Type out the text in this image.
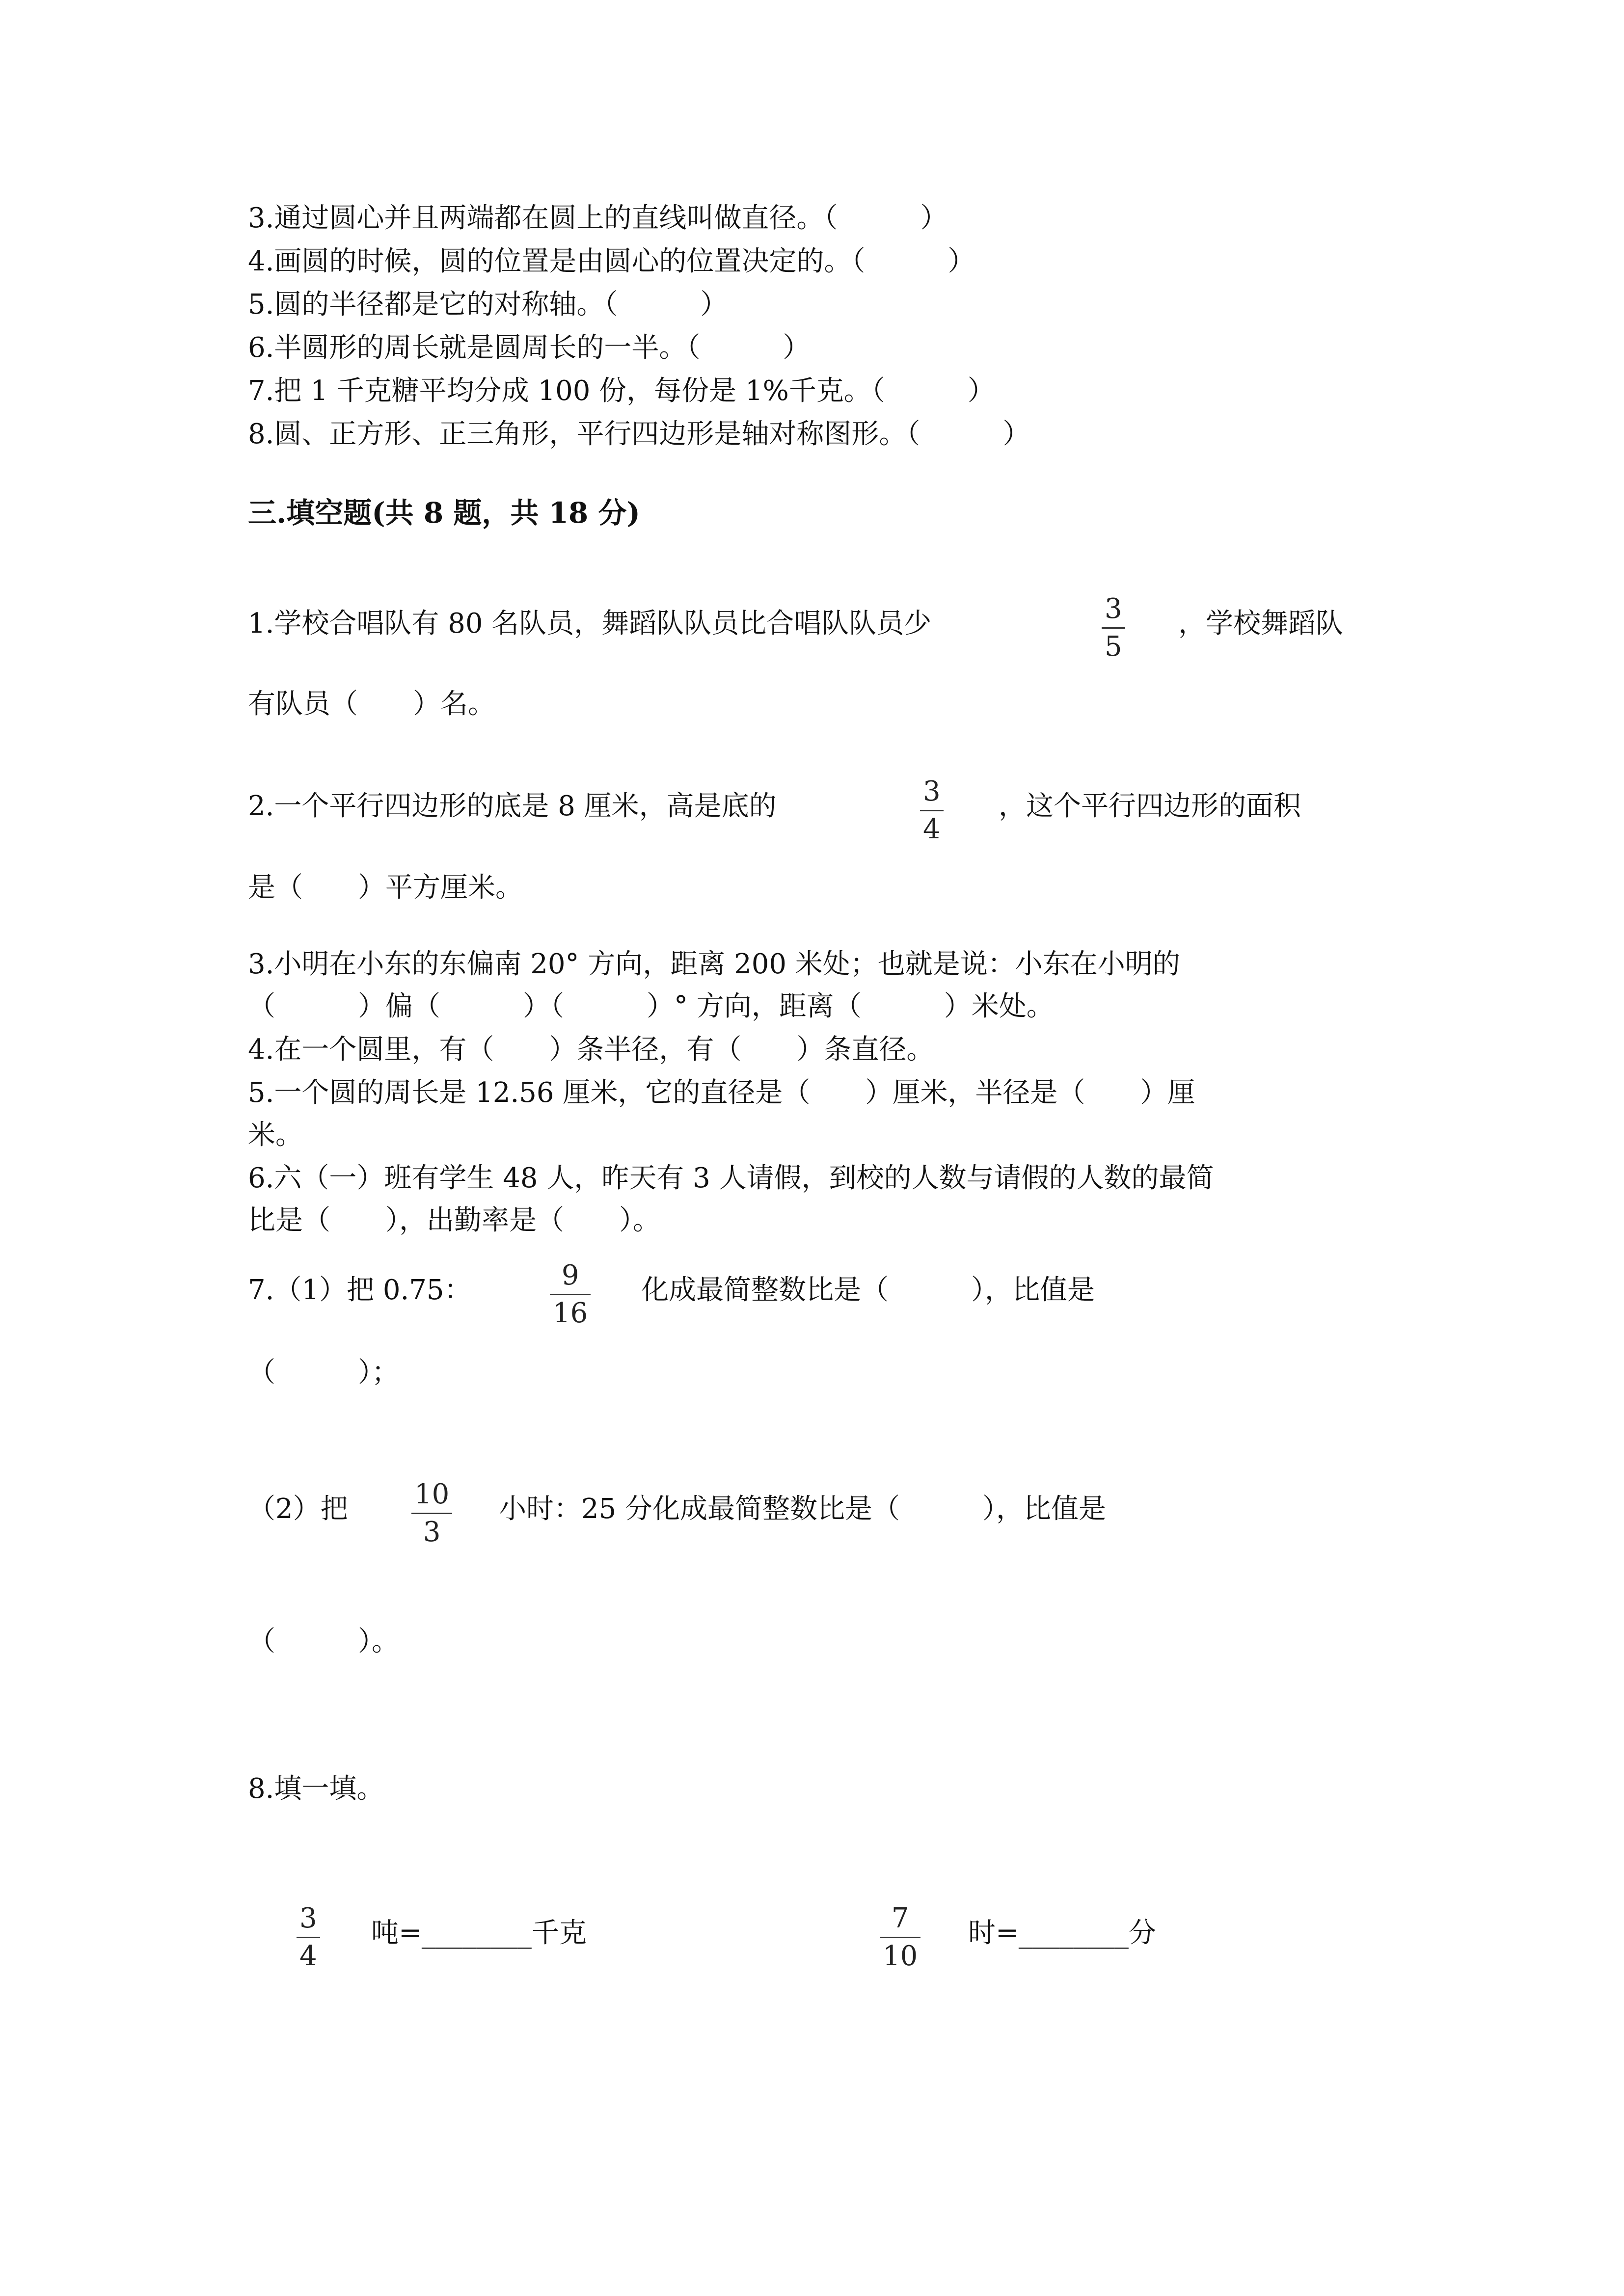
3.通过圆心并且两端都在圆上的直线叫做直径。（　　　）
4.画圆的时候，圆的位置是由圆心的位置决定的。（　　　）
5.圆的半径都是它的对称轴。（　　　）
6.半圆形的周长就是圆周长的一半。（　　　）
7.把 1 千克糖平均分成 100 份，每份是 1%千克。（　　　）
8.圆、正方形、正三角形，平行四边形是轴对称图形。（　　　）
三.填空题(共 8 题，共 18 分)
1.学校合唱队有 80 名队员，舞蹈队队员比合唱队队员少	3
5
，学校舞蹈队
有队员（　　）名。
2.一个平行四边形的底是 8 厘米，高是底的	3
4
，这个平行四边形的面积
是（　　）平方厘米。
3.小明在小东的东偏南 20° 方向，距离 200 米处；也就是说：小东在小明的
（　　　）偏（　　　）（　　　）° 方向，距离（　　　）米处。
4.在一个圆里，有（　　）条半径，有（　　）条直径。
5.一个圆的周长是 12.56 厘米，它的直径是（　　）厘米，半径是（　　）厘
米。
6.六（一）班有学生 48 人，昨天有 3 人请假，到校的人数与请假的人数的最简
比是（　　），出勤率是（　　）。
7.（1）把 0.75：	9
16
化成最简整数比是（　　　），比值是
（　　　）；
（2）把 10
3
小时：25 分化成最简整数比是（　　　），比值是
（　　　）。
8.填一填。
3
4
吨=________千克	7
10
时=________分
